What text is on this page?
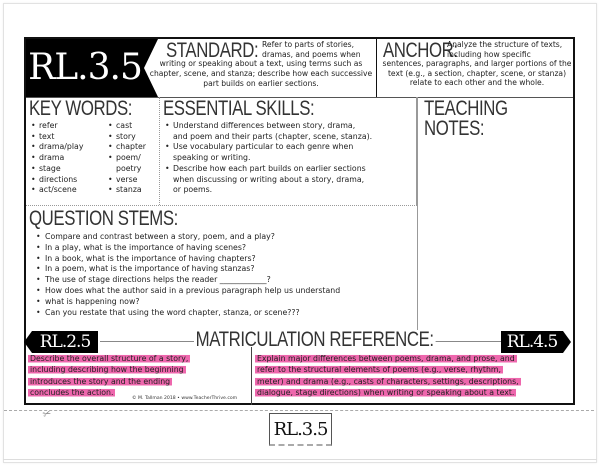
RL.3.5 STANDARD: Refer to parts of stories,
dramas, and poems when
writing or speaking about a text, using terms such as chapter, scene, and stanza; describe how each successive part builds on earlier sections.
ANCHOR:
Analyze the structure of texts, including how specific
sentences, paragraphs, and larger portions of the text (e.g., a section, chapter, scene, or stanza) relate to each other and the whole.
KEY WORDS:
• refer
• text
• drama/play
• drama
• stage
• directions
• act/scene
• cast
• story
• chapter
• poem/
poetry
• verse
• stanza
ESSENTIAL SKILLS:
• Understand differences between story, drama,
and poem and their parts (chapter, scene, stanza).
• Use vocabulary particular to each genre when
speaking or writing.
• Describe how each part builds on earlier sections
when discussing or writing about a story, drama,
or poems.
TEACHING NOTES:
QUESTION STEMS:
• Compare and contrast between a story, poem, and a play?
• In a play, what is the importance of having scenes?
• In a book, what is the importance of having chapters?
• In a poem, what is the importance of having stanzas?
• The use of stage directions helps the reader ____________?
• How does what the author said in a previous paragraph help us understand
• what is happening now?
• Can you restate that using the word chapter, stanza, or scene???
MATRICULATION REFERENCE:
RL.2.5	RL.4.5
Describe the overall structure of a story,
including describing how the beginning
introduces the story and the ending
concludes the action.
Explain major differences between poems, drama, and prose, and
refer to the structural elements of poems (e.g., verse, rhythm,
meter) and drama (e.g., casts of characters, settings, descriptions,
dialogue, stage directions) when writing or speaking about a text.
© M. Tallman 2018 • www.TeacherThrive.com
✂
RL.3.5
